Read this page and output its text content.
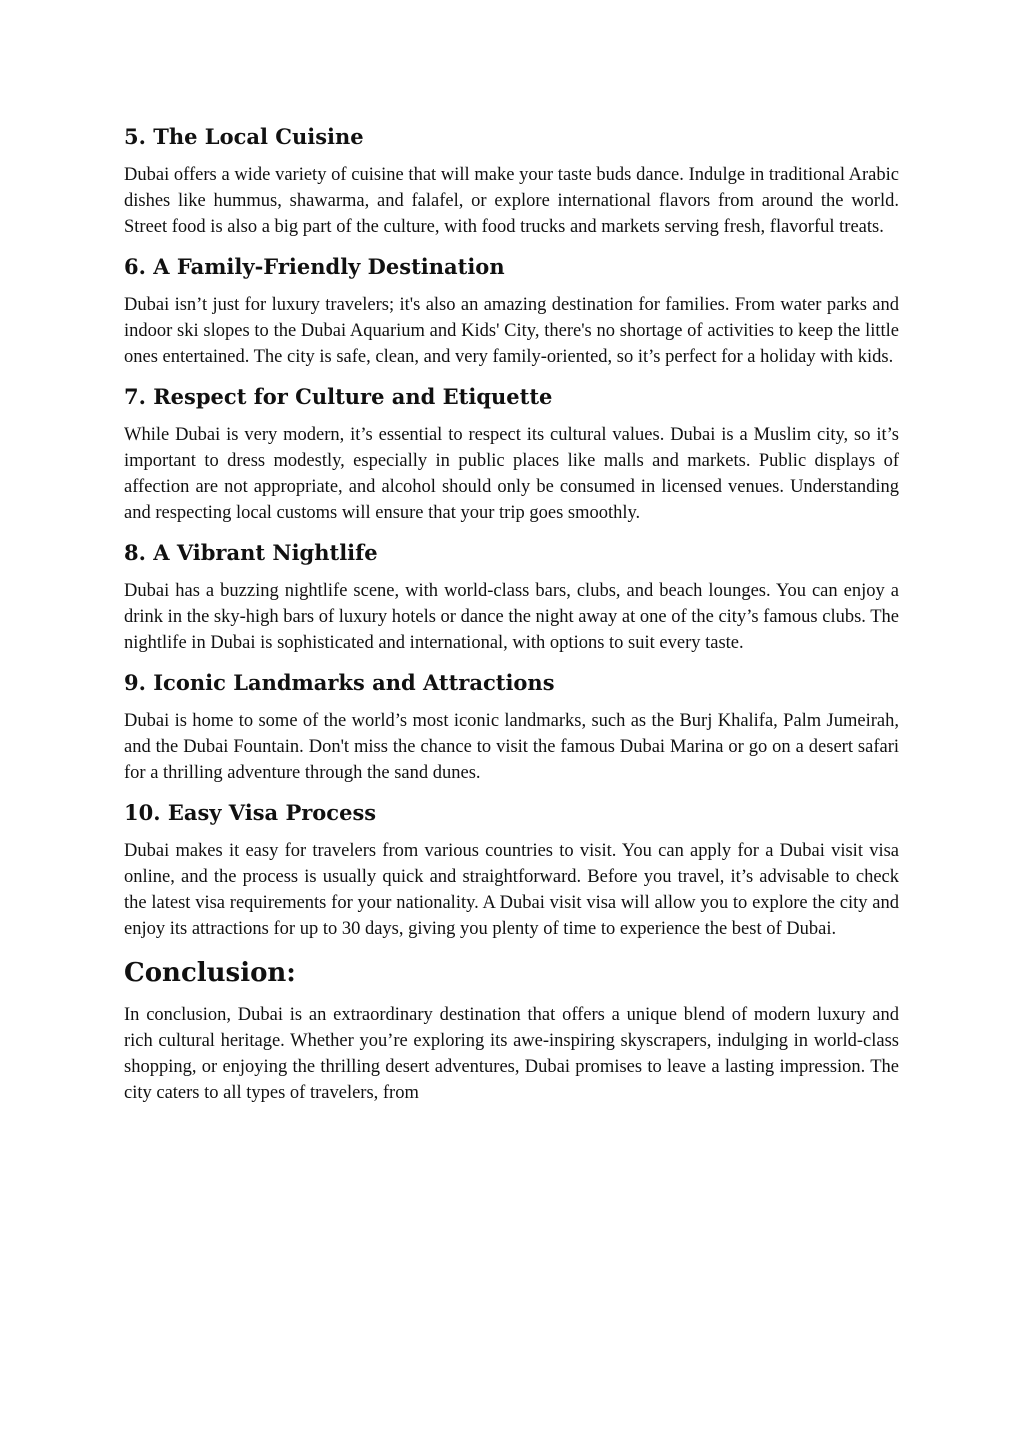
5. The Local Cuisine

Dubai offers a wide variety of cuisine that will make your taste buds dance. Indulge in traditional Arabic dishes like hummus, shawarma, and falafel, or explore international flavors from around the world. Street food is also a big part of the culture, with food trucks and markets serving fresh, flavorful treats.

6. A Family-Friendly Destination

Dubai isn’t just for luxury travelers; it's also an amazing destination for families. From water parks and indoor ski slopes to the Dubai Aquarium and Kids' City, there's no shortage of activities to keep the little ones entertained. The city is safe, clean, and very family-oriented, so it’s perfect for a holiday with kids.

7. Respect for Culture and Etiquette

While Dubai is very modern, it’s essential to respect its cultural values. Dubai is a Muslim city, so it’s important to dress modestly, especially in public places like malls and markets. Public displays of affection are not appropriate, and alcohol should only be consumed in licensed venues. Understanding and respecting local customs will ensure that your trip goes smoothly.

8. A Vibrant Nightlife

Dubai has a buzzing nightlife scene, with world-class bars, clubs, and beach lounges. You can enjoy a drink in the sky-high bars of luxury hotels or dance the night away at one of the city’s famous clubs. The nightlife in Dubai is sophisticated and international, with options to suit every taste.

9. Iconic Landmarks and Attractions

Dubai is home to some of the world’s most iconic landmarks, such as the Burj Khalifa, Palm Jumeirah, and the Dubai Fountain. Don't miss the chance to visit the famous Dubai Marina or go on a desert safari for a thrilling adventure through the sand dunes.

10. Easy Visa Process

Dubai makes it easy for travelers from various countries to visit. You can apply for a Dubai visit visa online, and the process is usually quick and straightforward. Before you travel, it’s advisable to check the latest visa requirements for your nationality. A Dubai visit visa will allow you to explore the city and enjoy its attractions for up to 30 days, giving you plenty of time to experience the best of Dubai.

Conclusion:

In conclusion, Dubai is an extraordinary destination that offers a unique blend of modern luxury and rich cultural heritage. Whether you’re exploring its awe-inspiring skyscrapers, indulging in world-class shopping, or enjoying the thrilling desert adventures, Dubai promises to leave a lasting impression. The city caters to all types of travelers, from
